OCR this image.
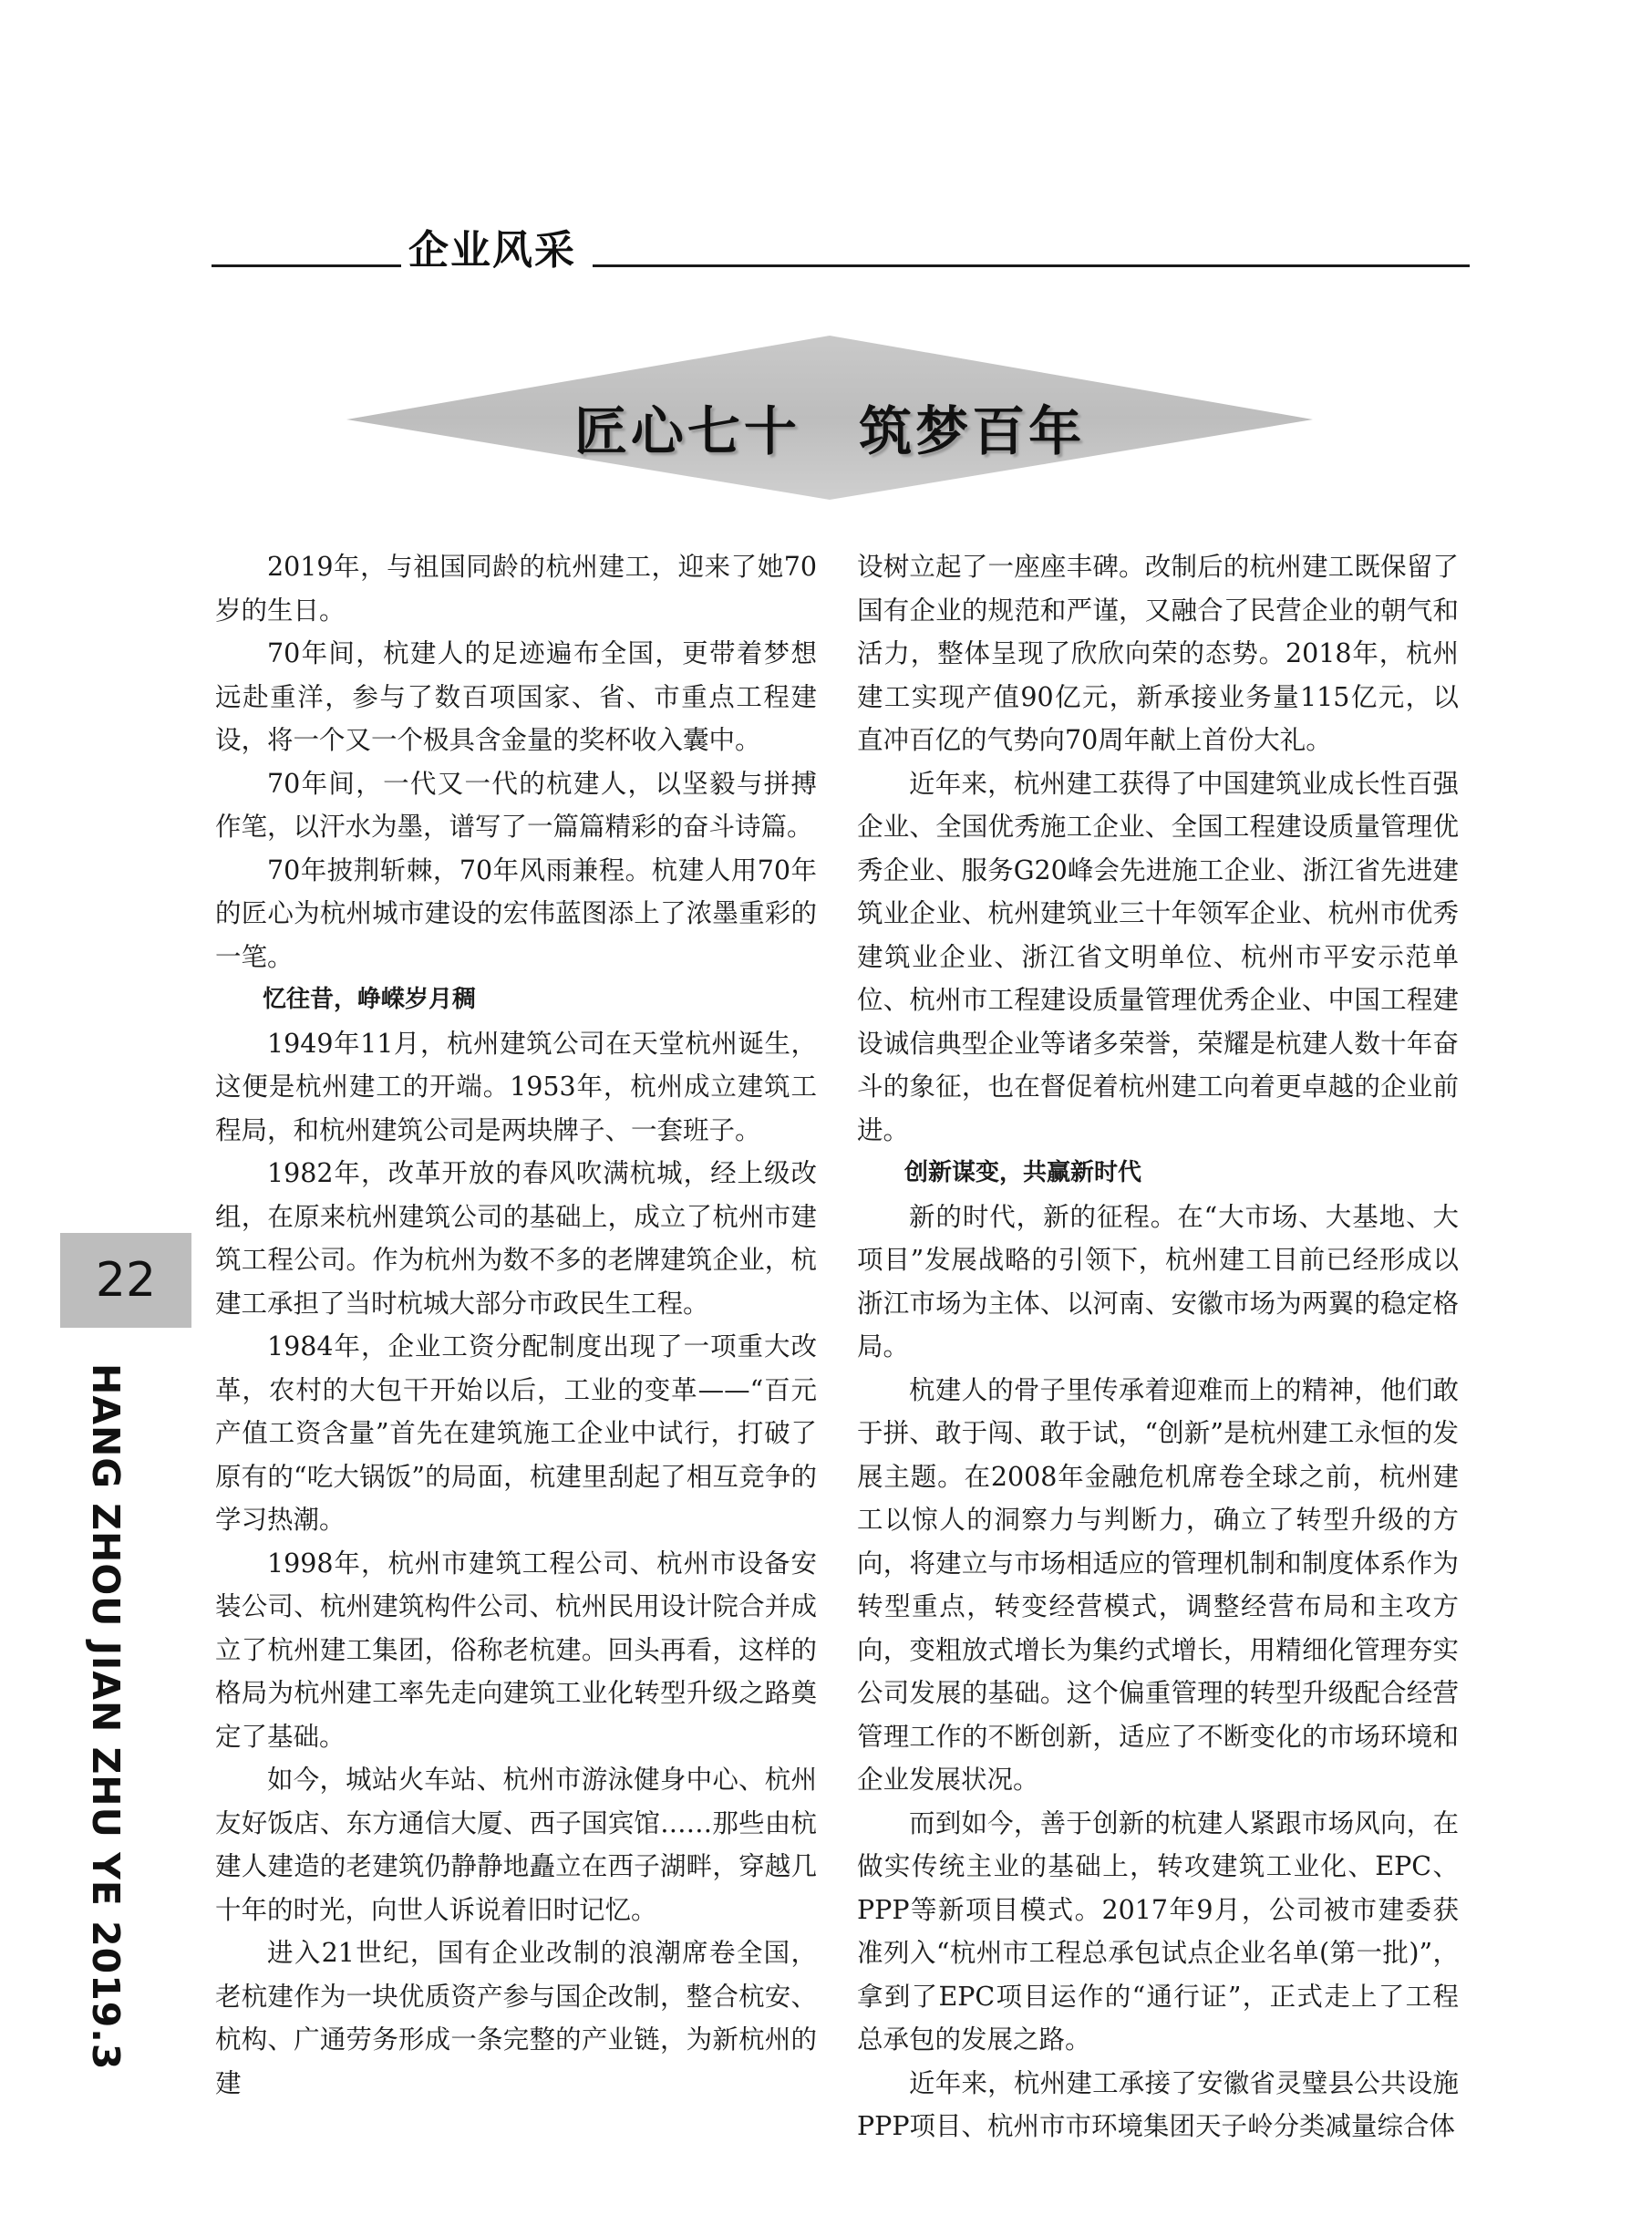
企业风采
匠心七十 筑梦百年

2019年，与祖国同龄的杭州建工，迎来了她70岁的生日。

70年间，杭建人的足迹遍布全国，更带着梦想远赴重洋，参与了数百项国家、省、市重点工程建设，将一个又一个极具含金量的奖杯收入囊中。

70年间，一代又一代的杭建人，以坚毅与拼搏作笔，以汗水为墨，谱写了一篇篇精彩的奋斗诗篇。

70年披荆斩棘，70年风雨兼程。杭建人用70年的匠心为杭州城市建设的宏伟蓝图添上了浓墨重彩的一笔。

忆往昔，峥嵘岁月稠

1949年11月，杭州建筑公司在天堂杭州诞生，这便是杭州建工的开端。1953年，杭州成立建筑工程局，和杭州建筑公司是两块牌子、一套班子。

1982年，改革开放的春风吹满杭城，经上级改组，在原来杭州建筑公司的基础上，成立了杭州市建筑工程公司。作为杭州为数不多的老牌建筑企业，杭建工承担了当时杭城大部分市政民生工程。

1984年，企业工资分配制度出现了一项重大改革，农村的大包干开始以后，工业的变革——“百元产值工资含量”首先在建筑施工企业中试行，打破了原有的“吃大锅饭”的局面，杭建里刮起了相互竞争的学习热潮。

1998年，杭州市建筑工程公司、杭州市设备安装公司、杭州建筑构件公司、杭州民用设计院合并成立了杭州建工集团，俗称老杭建。回头再看，这样的格局为杭州建工率先走向建筑工业化转型升级之路奠定了基础。

如今，城站火车站、杭州市游泳健身中心、杭州友好饭店、东方通信大厦、西子国宾馆……那些由杭建人建造的老建筑仍静静地矗立在西子湖畔，穿越几十年的时光，向世人诉说着旧时记忆。

进入21世纪，国有企业改制的浪潮席卷全国，老杭建作为一块优质资产参与国企改制，整合杭安、杭构、广通劳务形成一条完整的产业链，为新杭州的建

设树立起了一座座丰碑。改制后的杭州建工既保留了国有企业的规范和严谨，又融合了民营企业的朝气和活力，整体呈现了欣欣向荣的态势。2018年，杭州建工实现产值90亿元，新承接业务量115亿元，以直冲百亿的气势向70周年献上首份大礼。

近年来，杭州建工获得了中国建筑业成长性百强企业、全国优秀施工企业、全国工程建设质量管理优秀企业、服务G20峰会先进施工企业、浙江省先进建筑业企业、杭州建筑业三十年领军企业、杭州市优秀建筑业企业、浙江省文明单位、杭州市平安示范单位、杭州市工程建设质量管理优秀企业、中国工程建设诚信典型企业等诸多荣誉，荣耀是杭建人数十年奋斗的象征，也在督促着杭州建工向着更卓越的企业前进。

创新谋变，共赢新时代

新的时代，新的征程。在“大市场、大基地、大项目”发展战略的引领下，杭州建工目前已经形成以浙江市场为主体、以河南、安徽市场为两翼的稳定格局。

杭建人的骨子里传承着迎难而上的精神，他们敢于拼、敢于闯、敢于试，“创新”是杭州建工永恒的发展主题。在2008年金融危机席卷全球之前，杭州建工以惊人的洞察力与判断力，确立了转型升级的方向，将建立与市场相适应的管理机制和制度体系作为转型重点，转变经营模式，调整经营布局和主攻方向，变粗放式增长为集约式增长，用精细化管理夯实公司发展的基础。这个偏重管理的转型升级配合经营管理工作的不断创新，适应了不断变化的市场环境和企业发展状况。

而到如今，善于创新的杭建人紧跟市场风向，在做实传统主业的基础上，转攻建筑工业化、EPC、PPP等新项目模式。2017年9月，公司被市建委获准列入“杭州市工程总承包试点企业名单(第一批)”，拿到了EPC项目运作的“通行证”，正式走上了工程总承包的发展之路。

近年来，杭州建工承接了安徽省灵璧县公共设施PPP项目、杭州市市环境集团天子岭分类减量综合体

22
HANG ZHOU JIAN ZHU YE 2019.3
